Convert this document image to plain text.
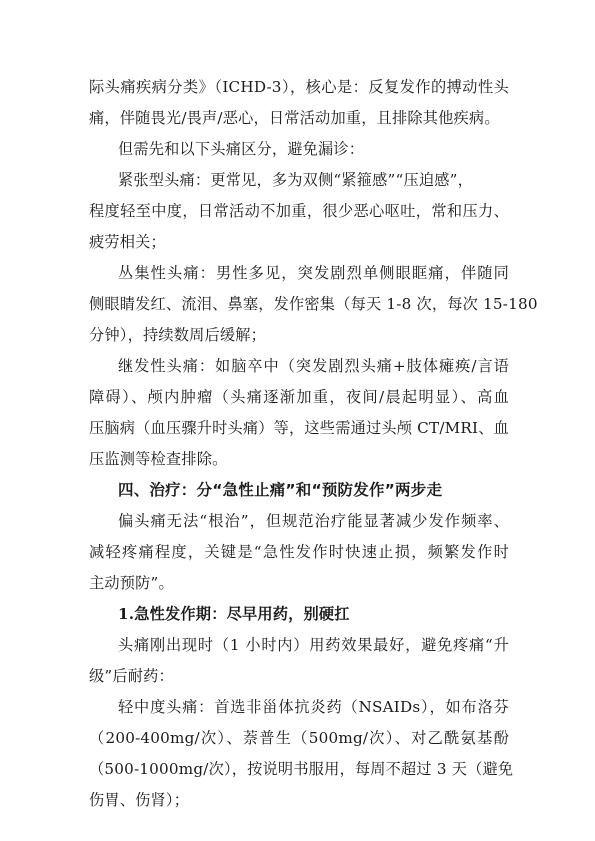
际头痛疾病分类》（ICHD-3），核心是：反复发作的搏动性头
痛，伴随畏光/畏声/恶心，日常活动加重，且排除其他疾病。
但需先和以下头痛区分，避免漏诊：
紧张型头痛：更常见，多为双侧“紧箍感”“压迫感”，
程度轻至中度，日常活动不加重，很少恶心呕吐，常和压力、
疲劳相关；
丛集性头痛：男性多见，突发剧烈单侧眼眶痛，伴随同
侧眼睛发红、流泪、鼻塞，发作密集（每天 1-8 次，每次 15-180
分钟），持续数周后缓解；
继发性头痛：如脑卒中（突发剧烈头痛+肢体瘫痪/言语
障碍）、颅内肿瘤（头痛逐渐加重，夜间/晨起明显）、高血
压脑病（血压骤升时头痛）等，这些需通过头颅 CT/MRI、血
压监测等检查排除。
四、治疗：分“急性止痛”和“预防发作”两步走
偏头痛无法“根治”，但规范治疗能显著减少发作频率、
减轻疼痛程度，关键是“急性发作时快速止损，频繁发作时
主动预防”。
1.急性发作期：尽早用药，别硬扛
头痛刚出现时（1 小时内）用药效果最好，避免疼痛“升
级”后耐药：
轻中度头痛：首选非甾体抗炎药（NSAIDs），如布洛芬
（200-400mg/次）、萘普生（500mg/次）、对乙酰氨基酚
（500-1000mg/次），按说明书服用，每周不超过 3 天（避免
伤胃、伤肾）；
